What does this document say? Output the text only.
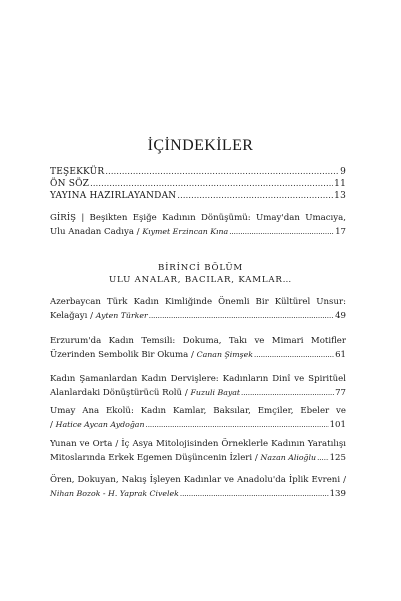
İÇİNDEKİLER
TEŞEKKÜR .....	9
ÖN SÖZ .....	11
YAYINA HAZIRLAYANDAN .....	13
GİRİŞ | Beşikten Eşiğe Kadının Dönüşümü: Umay'dan Umacıya,
Ulu Anadan Cadıya / Kıymet Erzincan Kına .....	17
BİRİNCİ BÖLÜM
ULU ANALAR, BACILAR, KAMLAR…
Azerbaycan Türk Kadın Kimliğinde Önemli Bir Kültürel Unsur:
Kelağayı / Ayten Türker .....	49
Erzurum'da Kadın Temsili: Dokuma, Takı ve Mimari Motifler
Üzerinden Sembolik Bir Okuma / Canan Şimşek .....	61
Kadın Şamanlardan Kadın Dervişlere: Kadınların Dinî ve Spiritüel
Alanlardaki Dönüştürücü Rolü / Fuzuli Bayat .....	77
Umay Ana Ekolü: Kadın Kamlar, Baksılar, Emçiler, Ebeler ve
/ Hatice Aycan Aydoğan .....	101
Yunan ve Orta / İç Asya Mitolojisinden Örneklerle Kadının Yaratılışı
Mitoslarında Erkek Egemen Düşüncenin İzleri / Nazan Alioğlu ..... 125
Ören, Dokuyan, Nakış İşleyen Kadınlar ve Anadolu'da İplik Evreni /
Nihan Bozok - H. Yaprak Civelek .....	139
